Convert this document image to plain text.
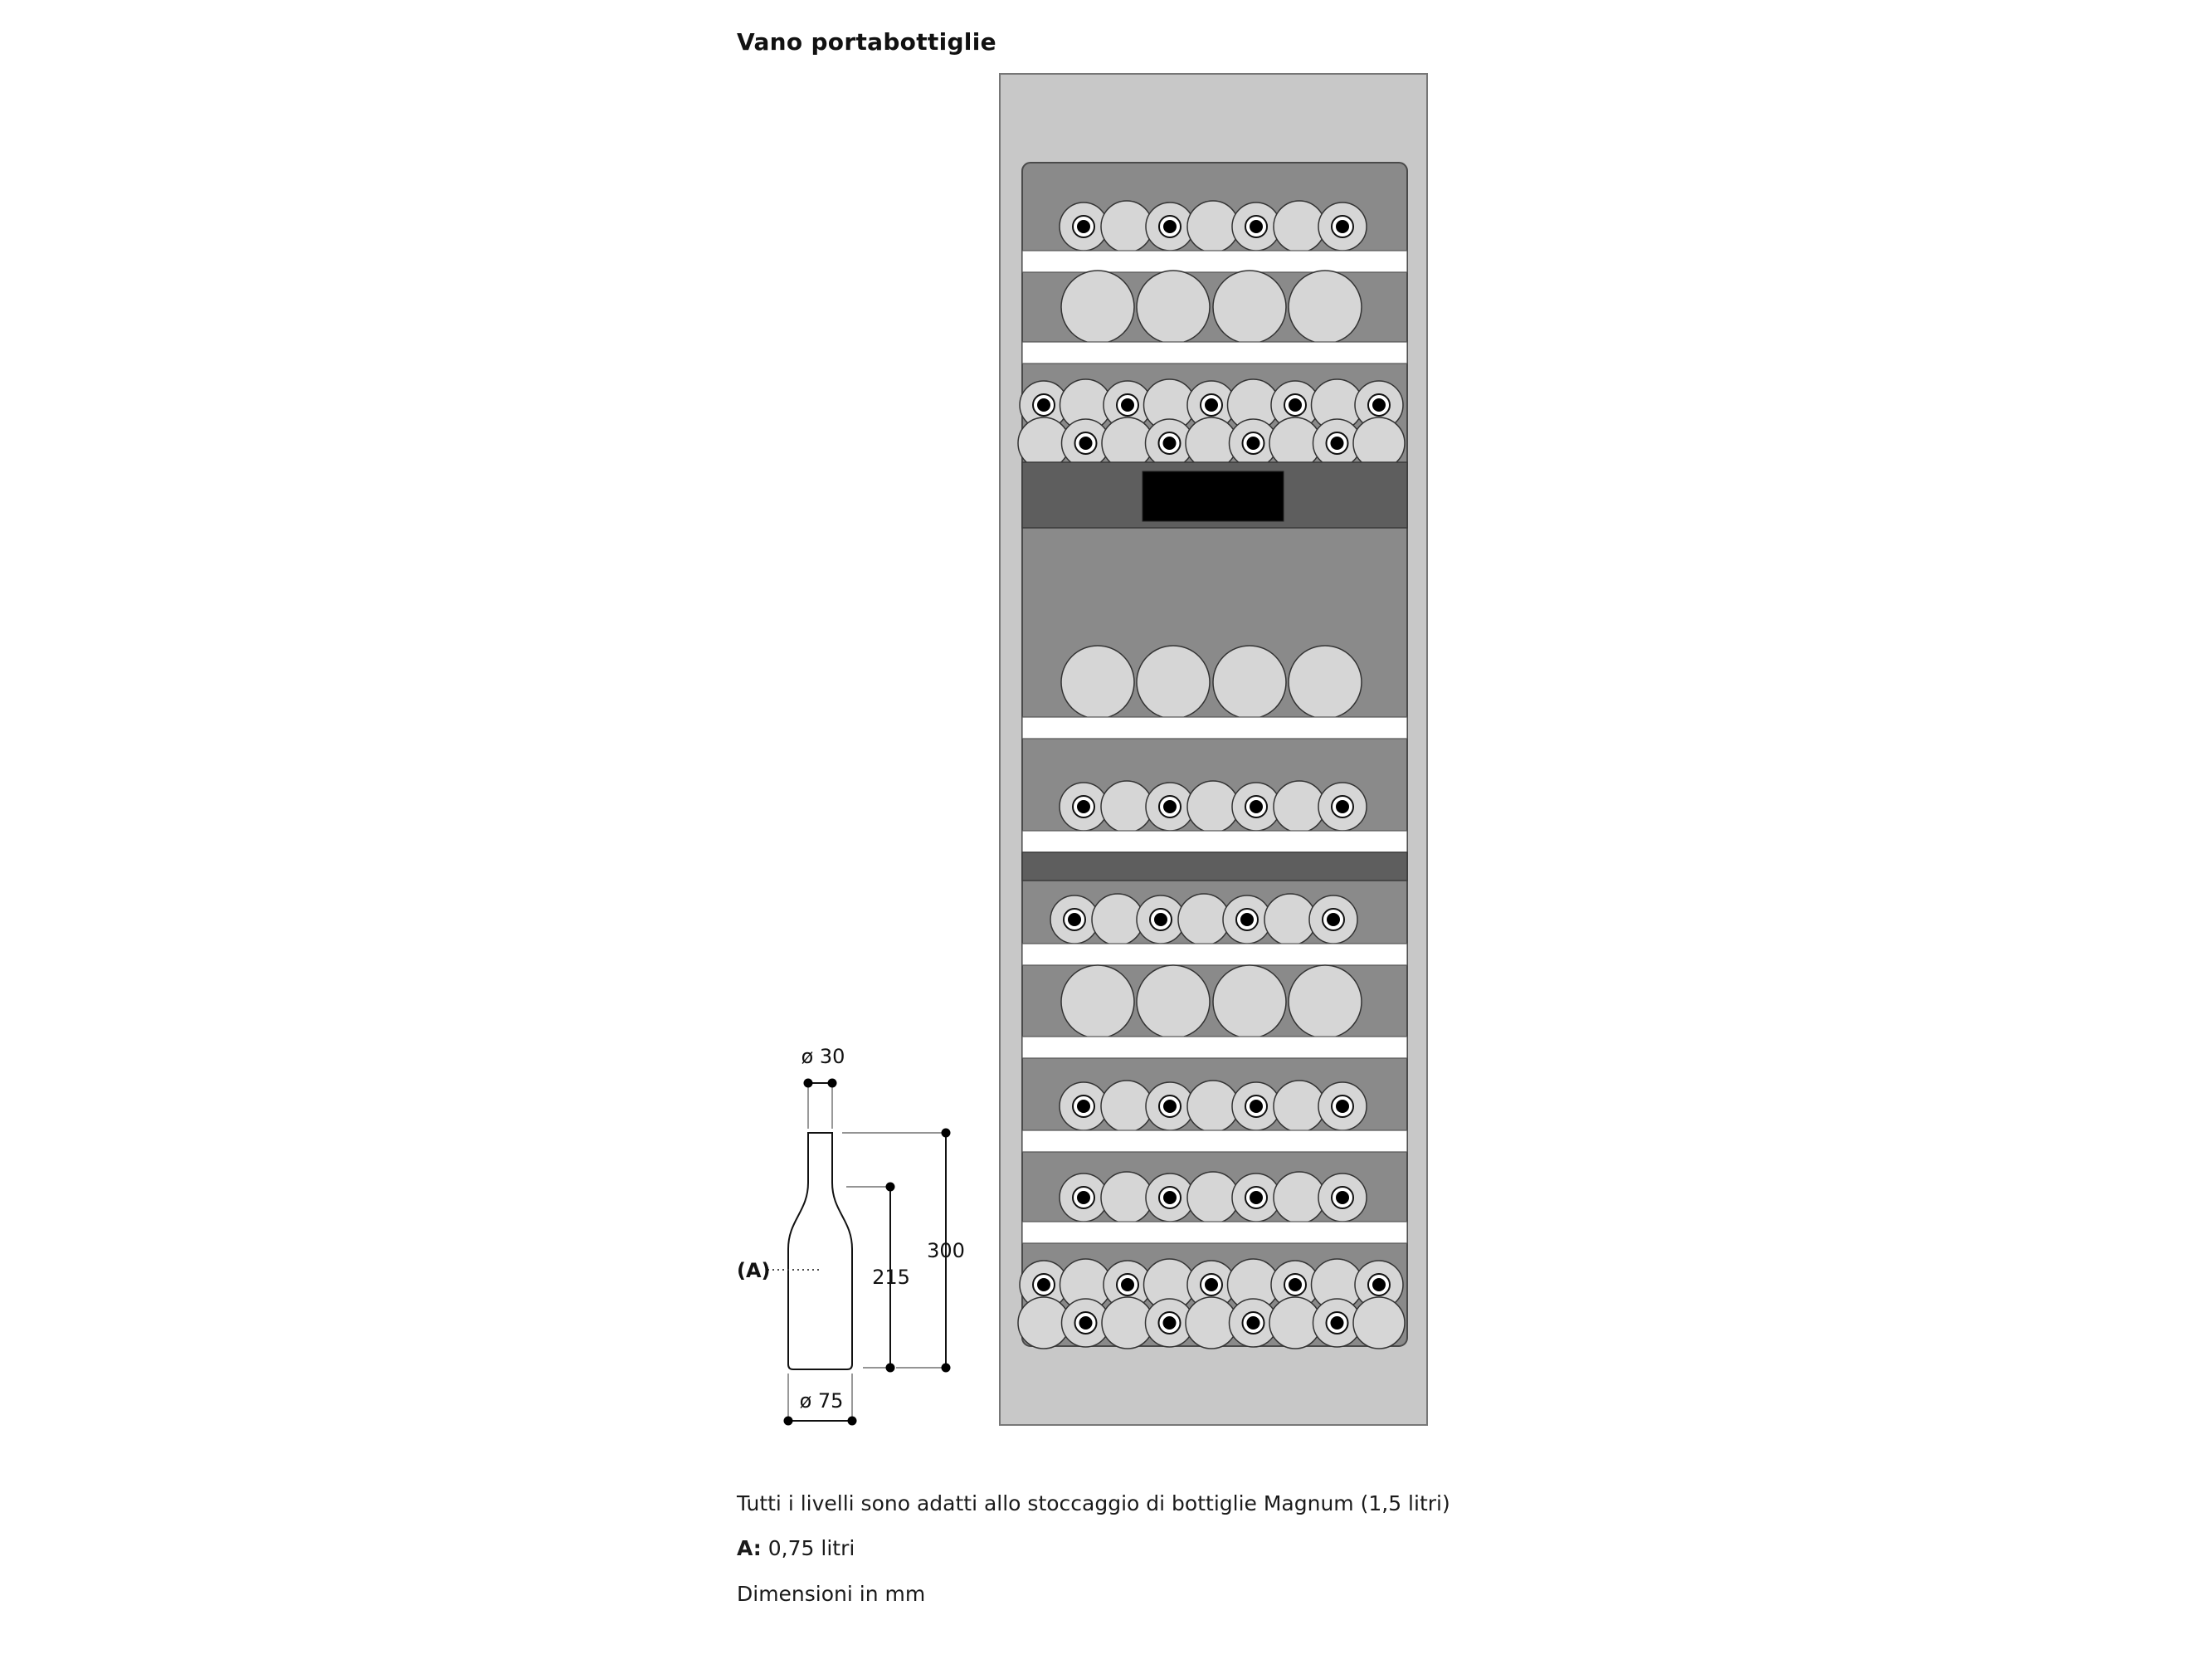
Vano portabottiglie
ø 30
ø 75
215
300
(A)
Tutti i livelli sono adatti allo stoccaggio di bottiglie Magnum (1,5 litri)
A: 0,75 litri
Dimensioni in mm
